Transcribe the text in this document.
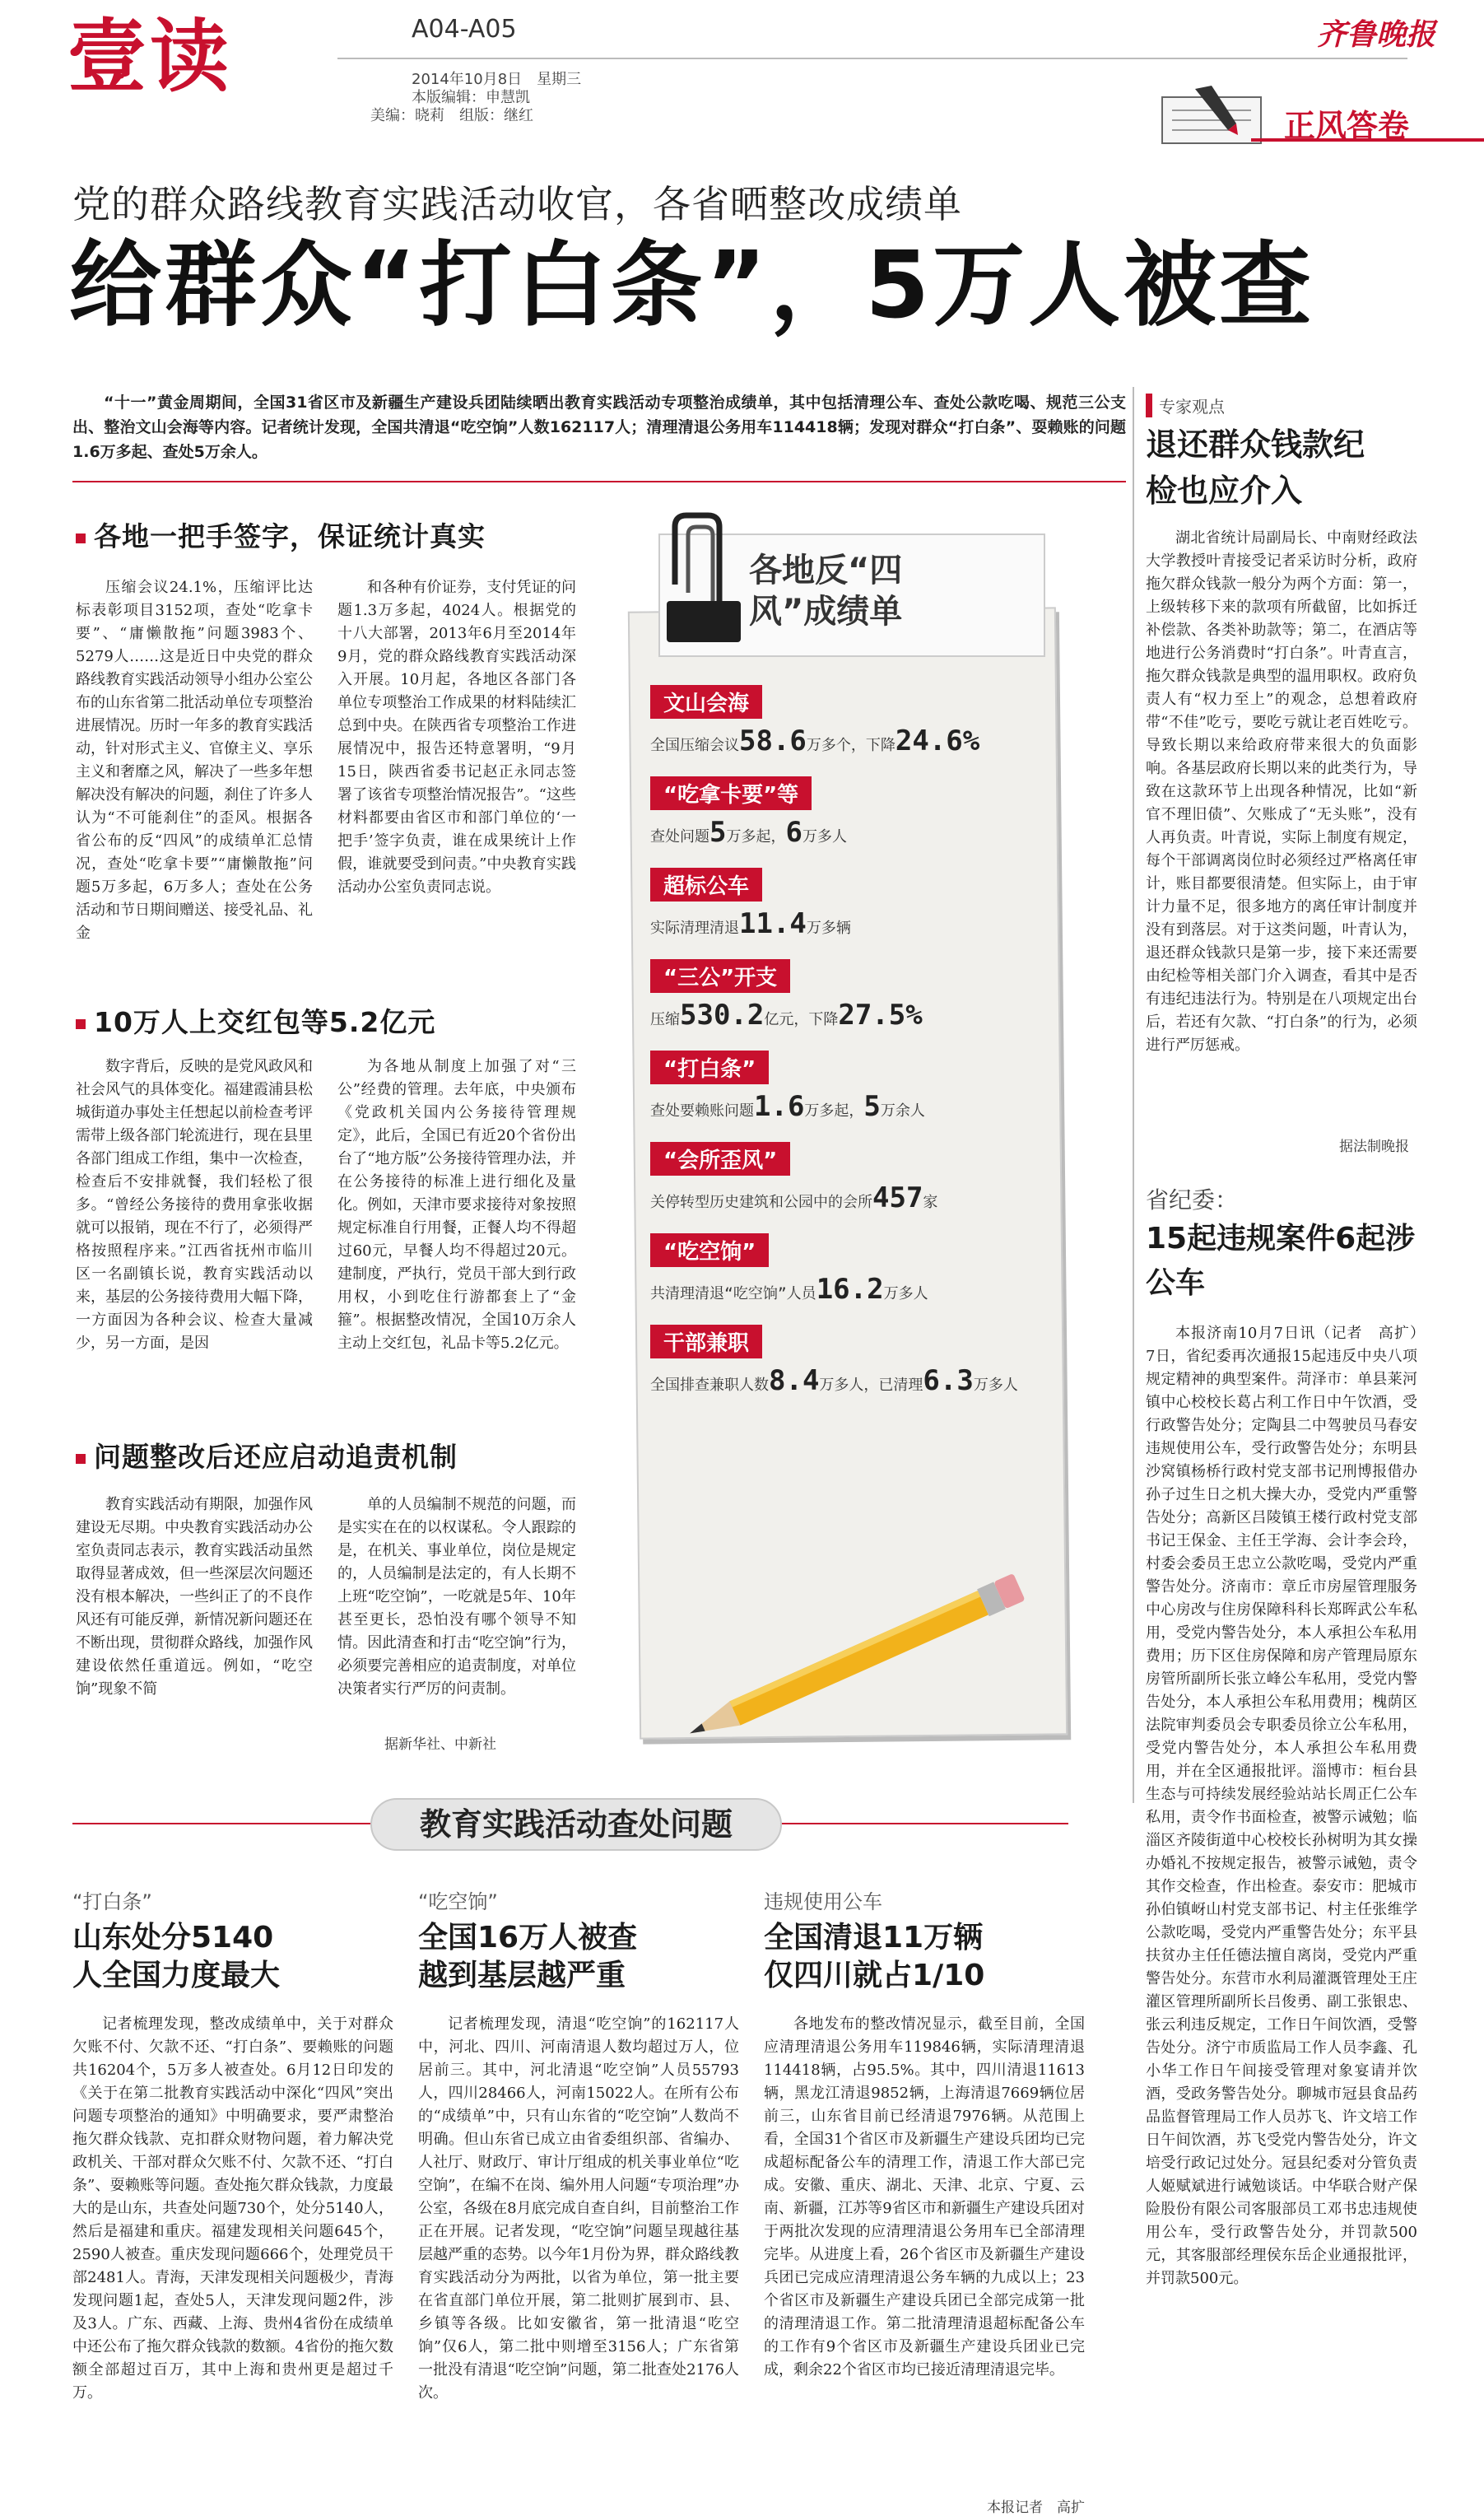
壹读	A04-A05
2014年10月8日　星期三
本版编辑：申慧凯
美编：晓莉　组版：继红
齐鲁晚报
正风答卷
党的群众路线教育实践活动收官，各省晒整改成绩单
给群众“打白条”，5万人被查
“十一”黄金周期间，全国31省区市及新疆生产建设兵团陆续晒出教育实践活动专项整治成绩单，其中包括清理公车、查处公款吃喝、规范三公支出、整治文山会海等内容。记者统计发现，全国共清退“吃空饷”人数162117人；清理清退公务用车114418辆；发现对群众“打白条”、耍赖账的问题1.6万多起、查处5万余人。
各地一把手签字，保证统计真实

压缩会议24.1%，压缩评比达标表彰项目3152项，查处“吃拿卡要”、“庸懒散拖”问题3983个、5279人……这是近日中央党的群众路线教育实践活动领导小组办公室公布的山东省第二批活动单位专项整治进展情况。历时一年多的教育实践活动，针对形式主义、官僚主义、享乐主义和奢靡之风，解决了一些多年想解决没有解决的问题，刹住了许多人认为“不可能刹住”的歪风。根据各省公布的反“四风”的成绩单汇总情况，查处“吃拿卡要”“庸懒散拖”问题5万多起，6万多人；查处在公务活动和节日期间赠送、接受礼品、礼金

和各种有价证券，支付凭证的问题1.3万多起，4024人。根据党的十八大部署，2013年6月至2014年9月，党的群众路线教育实践活动深入开展。10月起，各地区各部门各单位专项整治工作成果的材料陆续汇总到中央。在陕西省专项整治工作进展情况中，报告还特意署明，“9月15日，陕西省委书记赵正永同志签署了该省专项整治情况报告”。“这些材料都要由省区市和部门单位的‘一把手’签字负责，谁在成果统计上作假，谁就要受到问责。”中央教育实践活动办公室负责同志说。

10万人上交红包等5.2亿元

数字背后，反映的是党风政风和社会风气的具体变化。福建霞浦县松城街道办事处主任想起以前检查考评需带上级各部门轮流进行，现在县里各部门组成工作组，集中一次检查，检查后不安排就餐，我们轻松了很多。“曾经公务接待的费用拿张收据就可以报销，现在不行了，必须得严格按照程序来。”江西省抚州市临川区一名副镇长说，教育实践活动以来，基层的公务接待费用大幅下降，一方面因为各种会议、检查大量减少，另一方面，是因

为各地从制度上加强了对“三公”经费的管理。去年底，中央颁布《党政机关国内公务接待管理规定》，此后，全国已有近20个省份出台了“地方版”公务接待管理办法，并在公务接待的标准上进行细化及量化。例如，天津市要求接待对象按照规定标准自行用餐，正餐人均不得超过60元，早餐人均不得超过20元。建制度，严执行，党员干部大到行政用权，小到吃住行游都套上了“金箍”。根据整改情况，全国10万余人主动上交红包，礼品卡等5.2亿元。

问题整改后还应启动追责机制

教育实践活动有期限，加强作风建设无尽期。中央教育实践活动办公室负责同志表示，教育实践活动虽然取得显著成效，但一些深层次问题还没有根本解决，一些纠正了的不良作风还有可能反弹，新情况新问题还在不断出现，贯彻群众路线，加强作风建设依然任重道远。例如，“吃空饷”现象不简

单的人员编制不规范的问题，而是实实在在的以权谋私。令人跟踪的是，在机关、事业单位，岗位是规定的，人员编制是法定的，有人长期不上班“吃空饷”，一吃就是5年、10年甚至更长，恐怕没有哪个领导不知情。因此清查和打击“吃空饷”行为，必须要完善相应的追责制度，对单位决策者实行严厉的问责制。

据新华社、中新社
各地反“四风”成绩单
文山会海
全国压缩会议58.6万多个，下降24.6%
“吃拿卡要”等
查处问题5万多起，6万多人
超标公车
实际清理清退11.4万多辆
“三公”开支
压缩530.2亿元，下降27.5%
“打白条”
查处要赖账问题1.6万多起，5万余人
“会所歪风”
关停转型历史建筑和公园中的会所457家
“吃空饷”
共清理清退“吃空饷”人员16.2万多人
干部兼职
全国排查兼职人数8.4万多人，已清理6.3万多人
专家观点
退还群众钱款纪检也应介入

湖北省统计局副局长、中南财经政法大学教授叶青接受记者采访时分析，政府拖欠群众钱款一般分为两个方面：第一，上级转移下来的款项有所截留，比如拆迁补偿款、各类补助款等；第二，在酒店等地进行公务消费时“打白条”。叶青直言，拖欠群众钱款是典型的温用职权。政府负责人有“权力至上”的观念，总想着政府带“不佳”吃亏，要吃亏就让老百姓吃亏。导致长期以来给政府带来很大的负面影响。各基层政府长期以来的此类行为，导致在这款环节上出现各种情况，比如“新官不理旧债”、欠账成了“无头账”，没有人再负责。叶青说，实际上制度有规定，每个干部调离岗位时必须经过严格离任审计，账目都要很清楚。但实际上，由于审计力量不足，很多地方的离任审计制度并没有到落层。对于这类问题，叶青认为，退还群众钱款只是第一步，接下来还需要由纪检等相关部门介入调查，看其中是否有违纪违法行为。特别是在八项规定出台后，若还有欠款、“打白条”的行为，必须进行严厉惩戒。

据法制晚报
省纪委：
15起违规案件6起涉公车

本报济南10月7日讯（记者　高扩）　7日，省纪委再次通报15起违反中央八项规定精神的典型案件。菏泽市：单县莱河镇中心校校长葛占利工作日中午饮酒，受行政警告处分；定陶县二中驾驶员马春安违规使用公车，受行政警告处分；东明县沙窝镇杨桥行政村党支部书记刑博报借办孙子过生日之机大操大办，受党内严重警告处分；高新区吕陵镇王楼行政村党支部书记王保金、主任王学海、会计李会玲，村委会委员王忠立公款吃喝，受党内严重警告处分。济南市：章丘市房屋管理服务中心房改与住房保障科科长郑晖武公车私用，受党内警告处分，本人承担公车私用费用；历下区住房保障和房产管理局原东房管所副所长张立峰公车私用，受党内警告处分，本人承担公车私用费用；槐荫区法院审判委员会专职委员徐立公车私用，受党内警告处分，本人承担公车私用费用，并在全区通报批评。淄博市：桓台县生态与可持续发展经验站站长周正仁公车私用，责令作书面检查，被警示诫勉；临淄区齐陵街道中心校校长孙树明为其女操办婚礼不按规定报告，被警示诫勉，责令其作交检查，作出检查。泰安市：肥城市孙伯镇岈山村党支部书记、村主任张维学公款吃喝，受党内严重警告处分；东平县扶贫办主任任德法擅自离岗，受党内严重警告处分。东营市水利局灌溉管理处王庄灌区管理所副所长吕俊勇、副工张银忠、张云利违反规定，工作日午间饮酒，受警告处分。济宁市质监局工作人员李鑫、孔小华工作日午间接受管理对象宴请并饮酒，受政务警告处分。聊城市冠县食品药品监督管理局工作人员苏飞、许文培工作日午间饮酒，苏飞受党内警告处分，许文培受行政记过处分。冠县纪委对分管负责人姬赋斌进行诫勉谈话。中华联合财产保险股份有限公司客服部员工邓书忠违规使用公车，受行政警告处分，并罚款500元，其客服部经理侯东岳企业通报批评，并罚款500元。

教育实践活动查处问题
“打白条”
山东处分5140人全国力度最大

记者梳理发现，整改成绩单中，关于对群众欠账不付、欠款不还、“打白条”、要赖账的问题共16204个，5万多人被查处。6月12日印发的《关于在第二批教育实践活动中深化“四风”突出问题专项整治的通知》中明确要求，要严肃整治拖欠群众钱款、克扣群众财物问题，着力解决党政机关、干部对群众欠账不付、欠款不还、“打白条”、耍赖账等问题。查处拖欠群众钱款，力度最大的是山东，共查处问题730个，处分5140人，然后是福建和重庆。福建发现相关问题645个，2590人被查。重庆发现问题666个，处理党员干部2481人。青海，天津发现相关问题极少，青海发现问题1起，查处5人，天津发现问题2件，涉及3人。广东、西藏、上海、贵州4省份在成绩单中还公布了拖欠群众钱款的数额。4省份的拖欠数额全部超过百万，其中上海和贵州更是超过千万。

“吃空饷”
全国16万人被查越到基层越严重

记者梳理发现，清退“吃空饷”的162117人中，河北、四川、河南清退人数均超过万人，位居前三。其中，河北清退“吃空饷”人员55793人，四川28466人，河南15022人。在所有公布的“成绩单”中，只有山东省的“吃空饷”人数尚不明确。但山东省已成立由省委组织部、省编办、人社厅、财政厅、审计厅组成的机关事业单位“吃空饷”，在编不在岗、编外用人问题“专项治理”办公室，各级在8月底完成自查自纠，目前整治工作正在开展。记者发现，“吃空饷”问题呈现越往基层越严重的态势。以今年1月份为界，群众路线教育实践活动分为两批，以省为单位，第一批主要在省直部门单位开展，第二批则扩展到市、县、乡镇等各级。比如安徽省，第一批清退“吃空饷”仅6人，第二批中则增至3156人；广东省第一批没有清退“吃空饷”问题，第二批查处2176人次。

违规使用公车
全国清退11万辆仅四川就占1/10

各地发布的整改情况显示，截至目前，全国应清理清退公务用车119846辆，实际清理清退114418辆，占95.5%。其中，四川清退11613辆，黑龙江清退9852辆，上海清退7669辆位居前三，山东省目前已经清退7976辆。从范围上看，全国31个省区市及新疆生产建设兵团均已完成超标配备公车的清理工作，清退工作大部已完成。安徽、重庆、湖北、天津、北京、宁夏、云南、新疆，江苏等9省区市和新疆生产建设兵团对于两批次发现的应清理清退公务用车已全部清理完毕。从进度上看，26个省区市及新疆生产建设兵团已完成应清理清退公务车辆的九成以上；23个省区市及新疆生产建设兵团已全部完成第一批的清理清退工作。第二批清理清退超标配备公车的工作有9个省区市及新疆生产建设兵团业已完成，剩余22个省区市均已接近清理清退完毕。

本报记者　高扩
